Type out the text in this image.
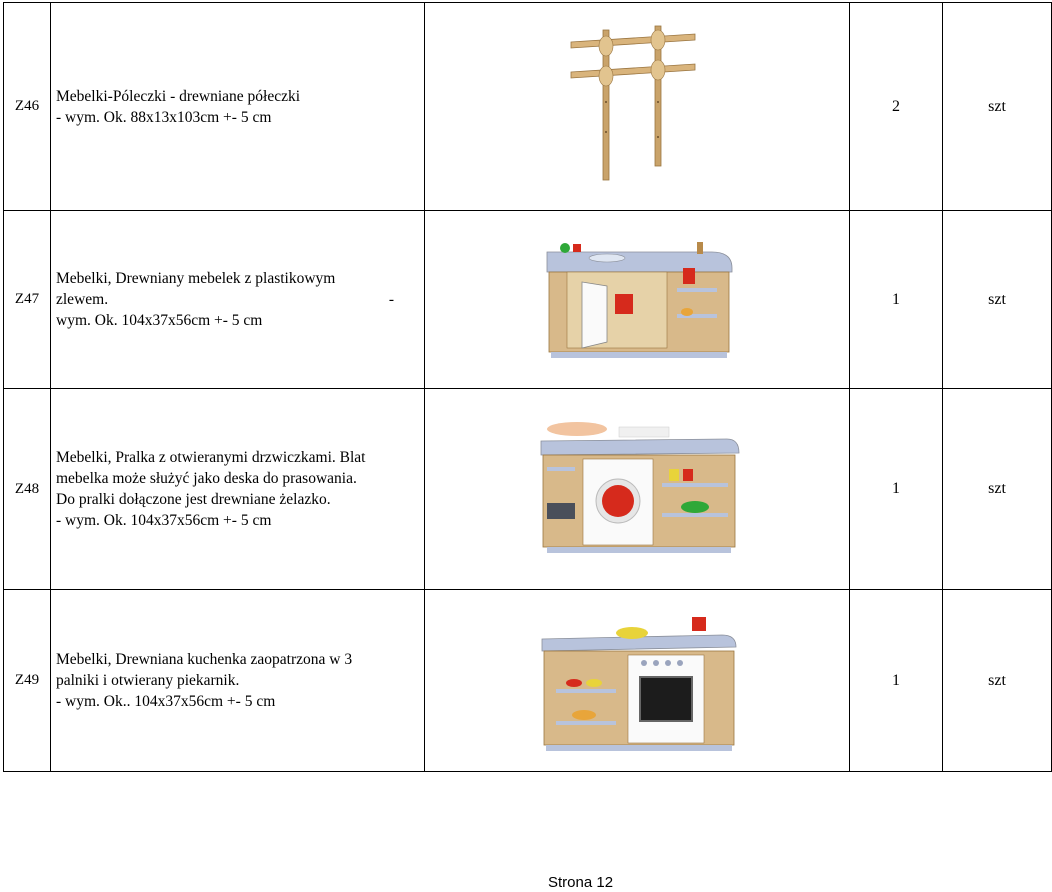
Z46	Mebelki-Póleczki - drewniane półeczki
- wym. Ok. 88x13x103cm +- 5 cm		2	szt
Z47	Mebelki, Drewniany mebelek z plastikowym
zlewem. -
wym. Ok. 104x37x56cm +- 5 cm		1	szt
Z48	Mebelki, Pralka z otwieranymi drzwiczkami. Blat
mebelka może służyć jako deska do prasowania.
Do pralki dołączone jest drewniane żelazko.
- wym. Ok. 104x37x56cm +- 5 cm		1	szt
Z49	Mebelki, Drewniana kuchenka zaopatrzona w 3
palniki i otwierany piekarnik.
- wym. Ok.. 104x37x56cm +- 5 cm		1	szt
Strona 12
